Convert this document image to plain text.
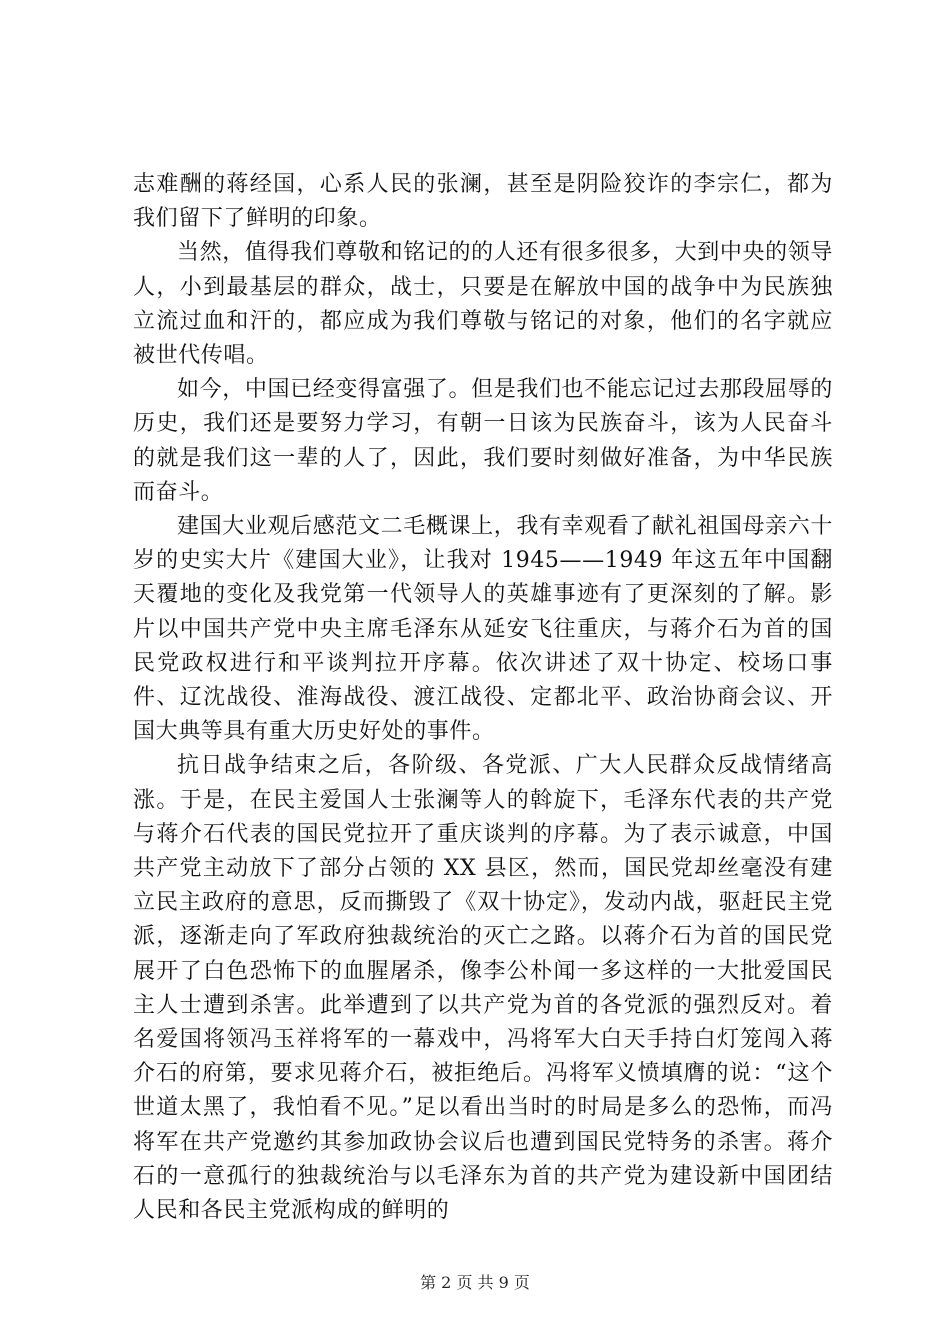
志难酬的蒋经国，心系人民的张澜，甚至是阴险狡诈的李宗仁，都为我们留下了鲜明的印象。

当然，值得我们尊敬和铭记的的人还有很多很多，大到中央的领导人，小到最基层的群众，战士，只要是在解放中国的战争中为民族独立流过血和汗的，都应成为我们尊敬与铭记的对象，他们的名字就应被世代传唱。

如今，中国已经变得富强了。但是我们也不能忘记过去那段屈辱的历史，我们还是要努力学习，有朝一日该为民族奋斗，该为人民奋斗的就是我们这一辈的人了，因此，我们要时刻做好准备，为中华民族而奋斗。

建国大业观后感范文二毛概课上，我有幸观看了献礼祖国母亲六十岁的史实大片《建国大业》，让我对 1945——1949 年这五年中国翻天覆地的变化及我党第一代领导人的英雄事迹有了更深刻的了解。影片以中国共产党中央主席毛泽东从延安飞往重庆，与蒋介石为首的国民党政权进行和平谈判拉开序幕。依次讲述了双十协定、校场口事件、辽沈战役、淮海战役、渡江战役、定都北平、政治协商会议、开国大典等具有重大历史好处的事件。

抗日战争结束之后，各阶级、各党派、广大人民群众反战情绪高涨。于是，在民主爱国人士张澜等人的斡旋下，毛泽东代表的共产党与蒋介石代表的国民党拉开了重庆谈判的序幕。为了表示诚意，中国共产党主动放下了部分占领的 XX 县区，然而，国民党却丝毫没有建立民主政府的意思，反而撕毁了《双十协定》，发动内战，驱赶民主党派，逐渐走向了军政府独裁统治的灭亡之路。以蒋介石为首的国民党展开了白色恐怖下的血腥屠杀，像李公朴闻一多这样的一大批爱国民主人士遭到杀害。此举遭到了以共产党为首的各党派的强烈反对。着名爱国将领冯玉祥将军的一幕戏中，冯将军大白天手持白灯笼闯入蒋介石的府第，要求见蒋介石，被拒绝后。冯将军义愤填膺的说：“这个世道太黑了，我怕看不见。”足以看出当时的时局是多么的恐怖，而冯将军在共产党邀约其参加政协会议后也遭到国民党特务的杀害。蒋介石的一意孤行的独裁统治与以毛泽东为首的共产党为建设新中国团结人民和各民主党派构成的鲜明的

第 2 页 共 9 页
